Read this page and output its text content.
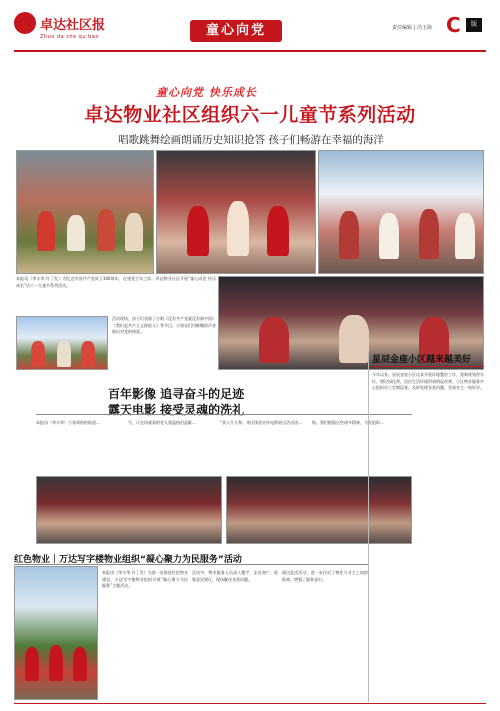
卓达社区报
Zhuo da she qu bao	童心向党	责任编辑 | 冯玉海 C	版
童心向党 快乐成长
卓达物业社区组织六一儿童节系列活动
唱歌跳舞绘画朗诵历史知识抢答 孩子们畅游在幸福的海洋
本报讯（李丰华 许丁发）为纪念中国共产党成立100周年，在建党百年之际，卓达物业社区开展“童心向党 快乐成长”庆六一儿童节系列活动。
活动现场，孩子们表演了合唱《没有共产党就没有新中国》《我们是共产主义接班人》等节目，小朋友们用稚嫩的声音唱出对党的热爱。
百年影像 追寻奋斗的足迹
露天电影 接受灵魂的洗礼
本报讯（李丰华）小张周围的街道…	号，让在场观看的老人重温热泪盈眶…	”获入片儿和，来民体验宣传电影展出活动团…	级。我们根据这些诸多精神，为发组织…
星辰金座小区越来越美好
今年以来，星辰金座小区认真开展环境整治工作，重新规划停车位，增设绿化带，居民生活环境得到明显改善。小区物业服务中心组织员工定期巡查，及时处理各类问题，受到业主一致好评。
红色物业｜万达写字楼物业组织“凝心聚力为民服务”活动
本报讯（李丰华 许丁发）为进一步推进红色物业建设，万达写字楼物业组织开展“凝心聚力为民服务”主题活动。
活动中，物业服务人员深入楼宇，走访商户，收集意见建议，现场解决各类问题。
通过此次活动，进一步拉近了物业与业主之间的距离，增强了服务意识。
